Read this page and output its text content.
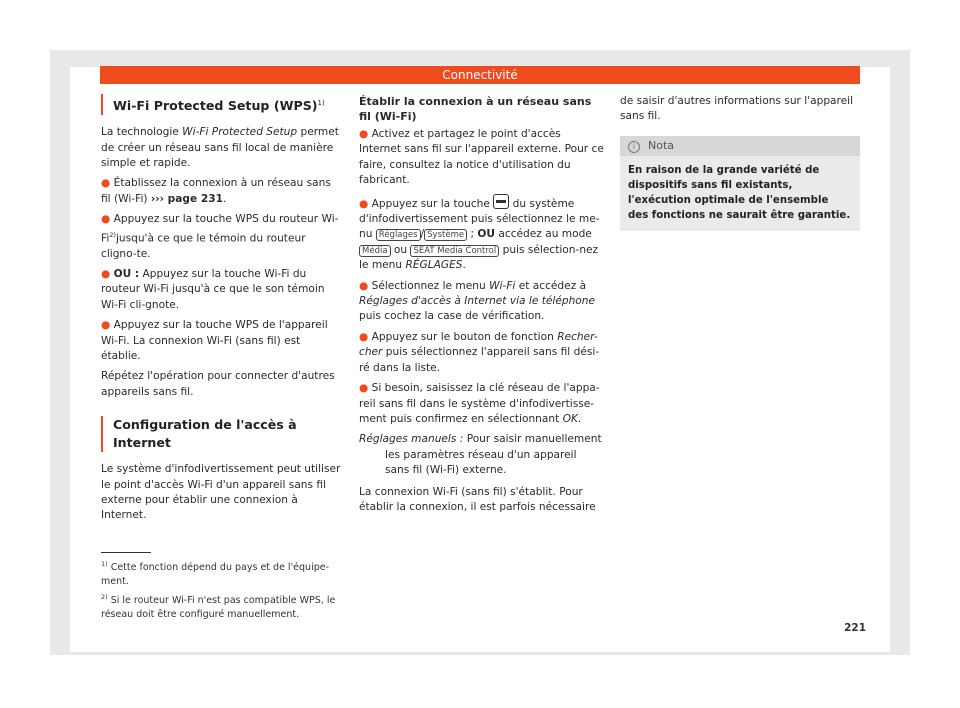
Connectivité
Wi-Fi Protected Setup (WPS)$^{1)}$

La technologie Wi-Fi Protected Setup permet de créer un réseau sans fil local de manière simple et rapide.

● Établissez la connexion à un réseau sans fil (Wi-Fi) ››› page 231.
● Appuyez sur la touche WPS du routeur Wi-Fi$^{2)}$jusqu'à ce que le témoin du routeur cligno-te.
● OU : Appuyez sur la touche Wi-Fi du routeur Wi-Fi jusqu'à ce que le son témoin Wi-Fi cli-gnote.
● Appuyez sur la touche WPS de l'appareil Wi-Fi. La connexion Wi-Fi (sans fil) est établie.

Répétez l'opération pour connecter d'autres appareils sans fil.

Configuration de l'accès à Internet

Le système d'infodivertissement peut utiliser le point d'accès Wi-Fi d'un appareil sans fil externe pour établir une connexion à Internet.

Établir la connexion à un réseau sans fil (Wi-Fi)
● Activez et partagez le point d'accès Internet sans fil sur l'appareil externe. Pour ce faire, consultez la notice d'utilisation du fabricant.
● Appuyez sur la touche  du système d'infodivertissement puis sélectionnez le me-nu Réglages / Système ; OU accédez au mode Média ou SEAT Media Control puis sélection-nez le menu RÉGLAGES.
● Sélectionnez le menu Wi-Fi et accédez à Réglages d'accès à Internet via le téléphone puis cochez la case de vérification.
● Appuyez sur le bouton de fonction Recher-cher puis sélectionnez l'appareil sans fil dési-ré dans la liste.
● Si besoin, saisissez la clé réseau de l'appa-reil sans fil dans le système d'infodivertisse-ment puis confirmez en sélectionnant OK.
Réglages manuels : Pour saisir manuellement
les paramètres réseau d'un appareil sans fil (Wi-Fi) externe.

La connexion Wi-Fi (sans fil) s'établit. Pour établir la connexion, il est parfois nécessaire

de saisir d'autres informations sur l'appareil sans fil.

i Nota
En raison de la grande variété de dispositifs sans fil existants, l'exécution optimale de l'ensemble des fonctions ne saurait être garantie.

$^{1)}$ Cette fonction dépend du pays et de l'équipe-ment.

$^{2)}$ Si le routeur Wi-Fi n'est pas compatible WPS, le réseau doit être configuré manuellement.

221
